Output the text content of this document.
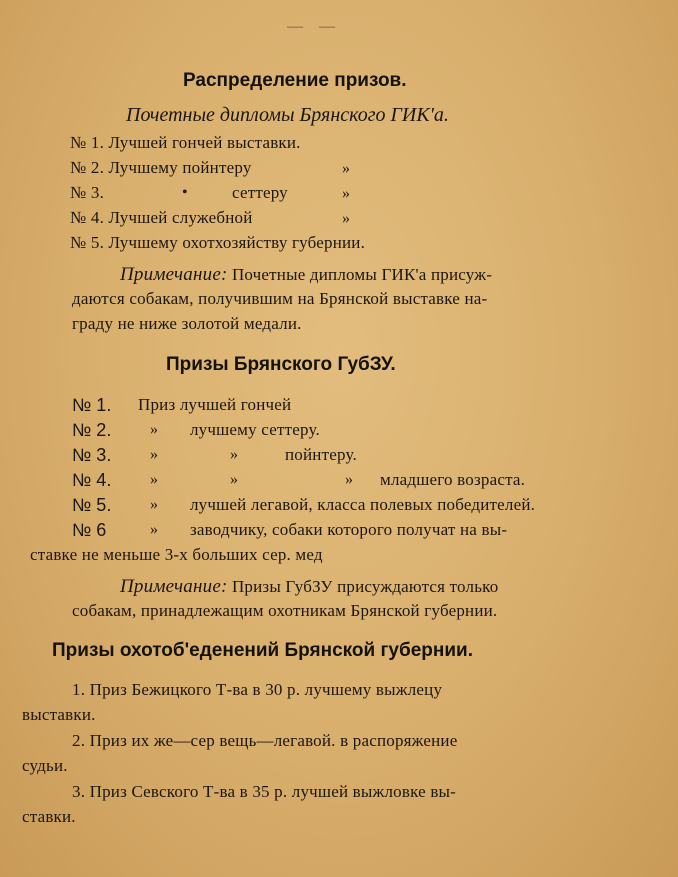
— —
Распределение призов.
Почетные дипломы Брянского ГИК'а.
№ 1. Лучшей гончей выставки.
№ 2. Лучшему пойнтеру	»
№ 3.	•	сеттеру	»
№ 4. Лучшей служебной	»
№ 5. Лучшему охотхозяйству губернии.
Примечание: Почетные дипломы ГИК'а присуж-
даются собакам, получившим на Брянской выставке на-
граду не ниже золотой медали.
Призы Брянского ГубЗУ.
№ 1. Приз лучшей гончей
№ 2. » лучшему сеттеру.
№ 3. »	»	пойнтеру.
№ 4. »	»	» младшего возраста.
№ 5. » лучшей легавой, класса полевых победителей.
№ 6	» заводчику, собаки которого получат на вы-
ставке не меньше 3-х больших сер. мед
Примечание: Призы ГубЗУ присуждаются только
собакам, принадлежащим охотникам Брянской губернии.
Призы охотоб'еденений Брянской губернии.
1. Приз Бежицкого Т-ва в 30 р. лучшему выжлецу
выставки.
2. Приз их же—сер вещь—легавой. в распоряжение
судьи.
3. Приз Севского Т-ва в 35 р. лучшей выжловке вы-
ставки.
